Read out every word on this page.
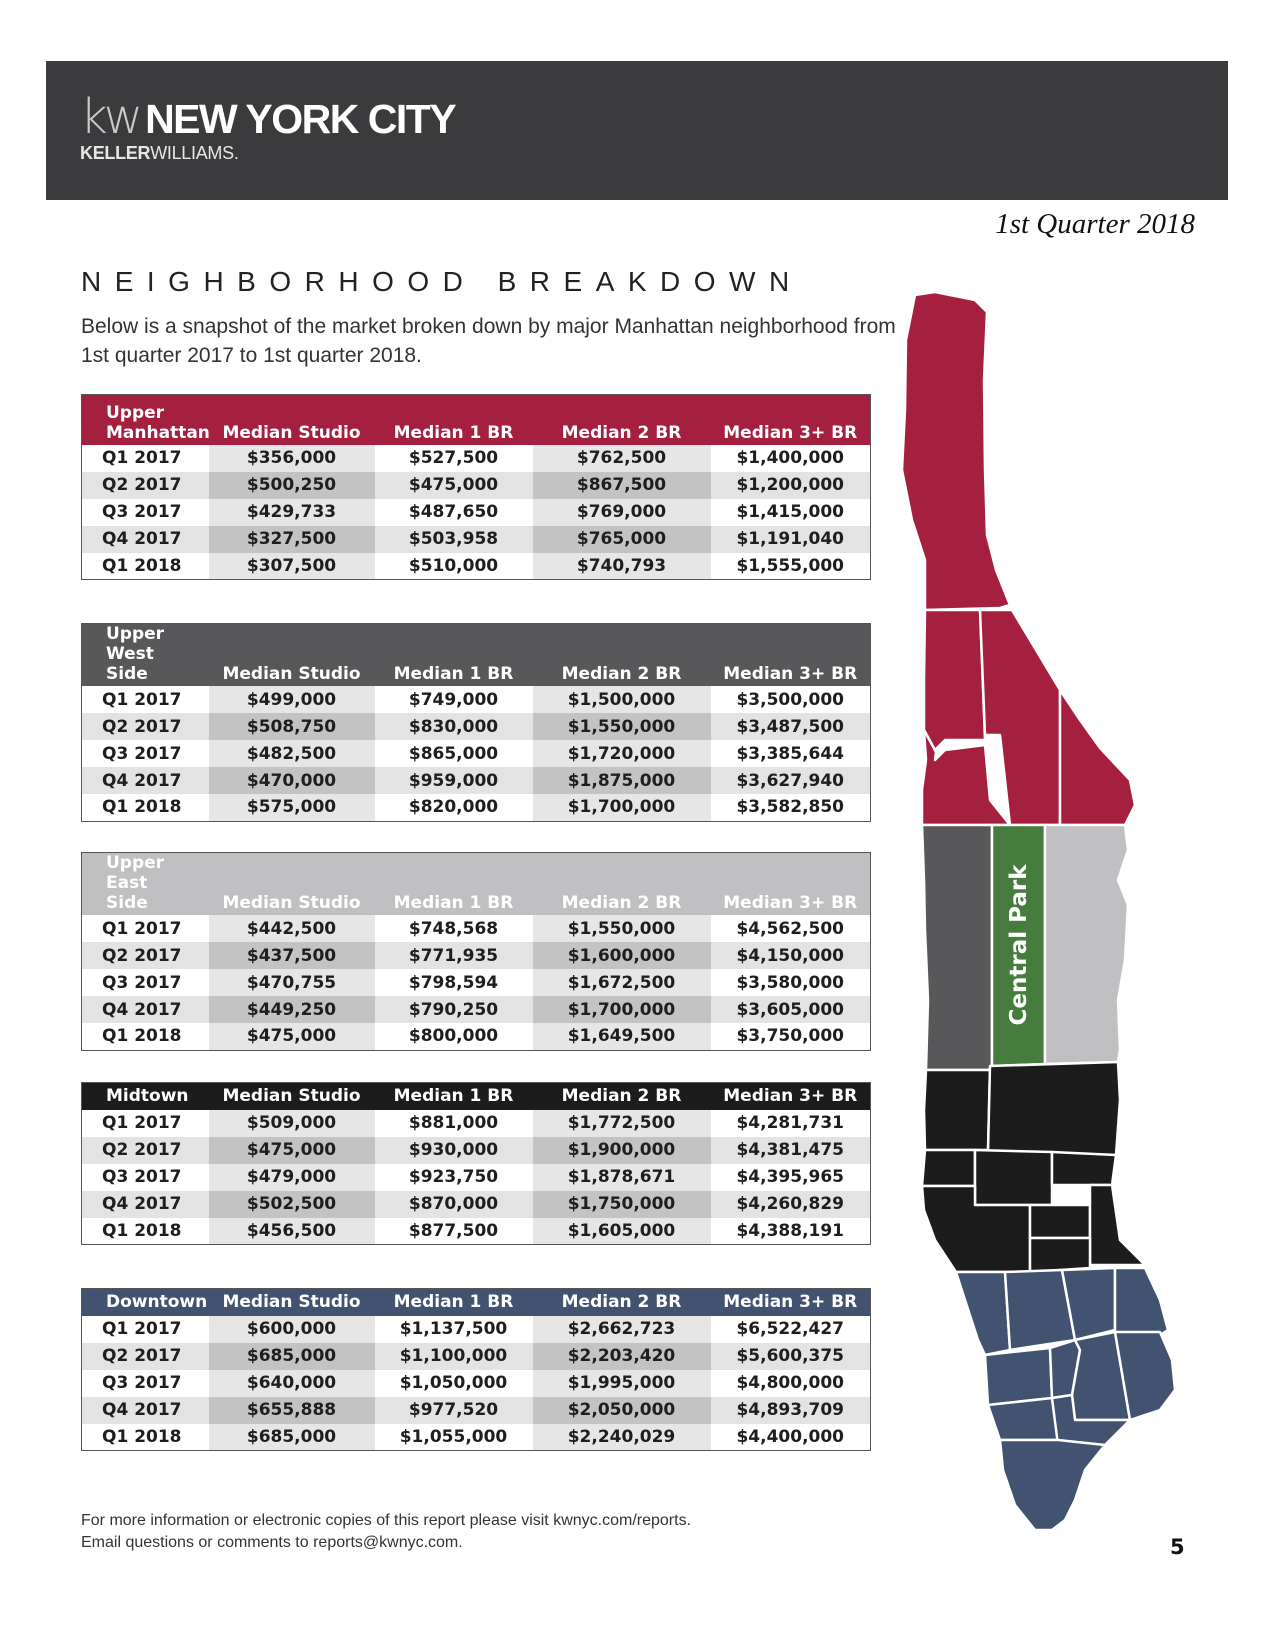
kw NEW YORK CITY
KELLERWILLIAMS.
1st Quarter 2018
NEIGHBORHOOD BREAKDOWN

Below is a snapshot of the market broken down by major Manhattan neighborhood from 1st quarter 2017 to 1st quarter 2018.

Upper
Manhattan	Median Studio	Median 1 BR	Median 2 BR	Median 3+ BR
Q1 2017	$356,000	$527,500	$762,500	$1,400,000
Q2 2017	$500,250	$475,000	$867,500	$1,200,000
Q3 2017	$429,733	$487,650	$769,000	$1,415,000
Q4 2017	$327,500	$503,958	$765,000	$1,191,040
Q1 2018	$307,500	$510,000	$740,793	$1,555,000
Upper West
Side	Median Studio	Median 1 BR	Median 2 BR	Median 3+ BR
Q1 2017	$499,000	$749,000	$1,500,000	$3,500,000
Q2 2017	$508,750	$830,000	$1,550,000	$3,487,500
Q3 2017	$482,500	$865,000	$1,720,000	$3,385,644
Q4 2017	$470,000	$959,000	$1,875,000	$3,627,940
Q1 2018	$575,000	$820,000	$1,700,000	$3,582,850
Upper East
Side	Median Studio	Median 1 BR	Median 2 BR	Median 3+ BR
Q1 2017	$442,500	$748,568	$1,550,000	$4,562,500
Q2 2017	$437,500	$771,935	$1,600,000	$4,150,000
Q3 2017	$470,755	$798,594	$1,672,500	$3,580,000
Q4 2017	$449,250	$790,250	$1,700,000	$3,605,000
Q1 2018	$475,000	$800,000	$1,649,500	$3,750,000
Midtown	Median Studio	Median 1 BR	Median 2 BR	Median 3+ BR
Q1 2017	$509,000	$881,000	$1,772,500	$4,281,731
Q2 2017	$475,000	$930,000	$1,900,000	$4,381,475
Q3 2017	$479,000	$923,750	$1,878,671	$4,395,965
Q4 2017	$502,500	$870,000	$1,750,000	$4,260,829
Q1 2018	$456,500	$877,500	$1,605,000	$4,388,191
Downtown	Median Studio	Median 1 BR	Median 2 BR	Median 3+ BR
Q1 2017	$600,000	$1,137,500	$2,662,723	$6,522,427
Q2 2017	$685,000	$1,100,000	$2,203,420	$5,600,375
Q3 2017	$640,000	$1,050,000	$1,995,000	$4,800,000
Q4 2017	$655,888	$977,520	$2,050,000	$4,893,709
Q1 2018	$685,000	$1,055,000	$2,240,029	$4,400,000
Central Park
For more information or electronic copies of this report please visit kwnyc.com/reports.
Email questions or comments to reports@kwnyc.com.	5
